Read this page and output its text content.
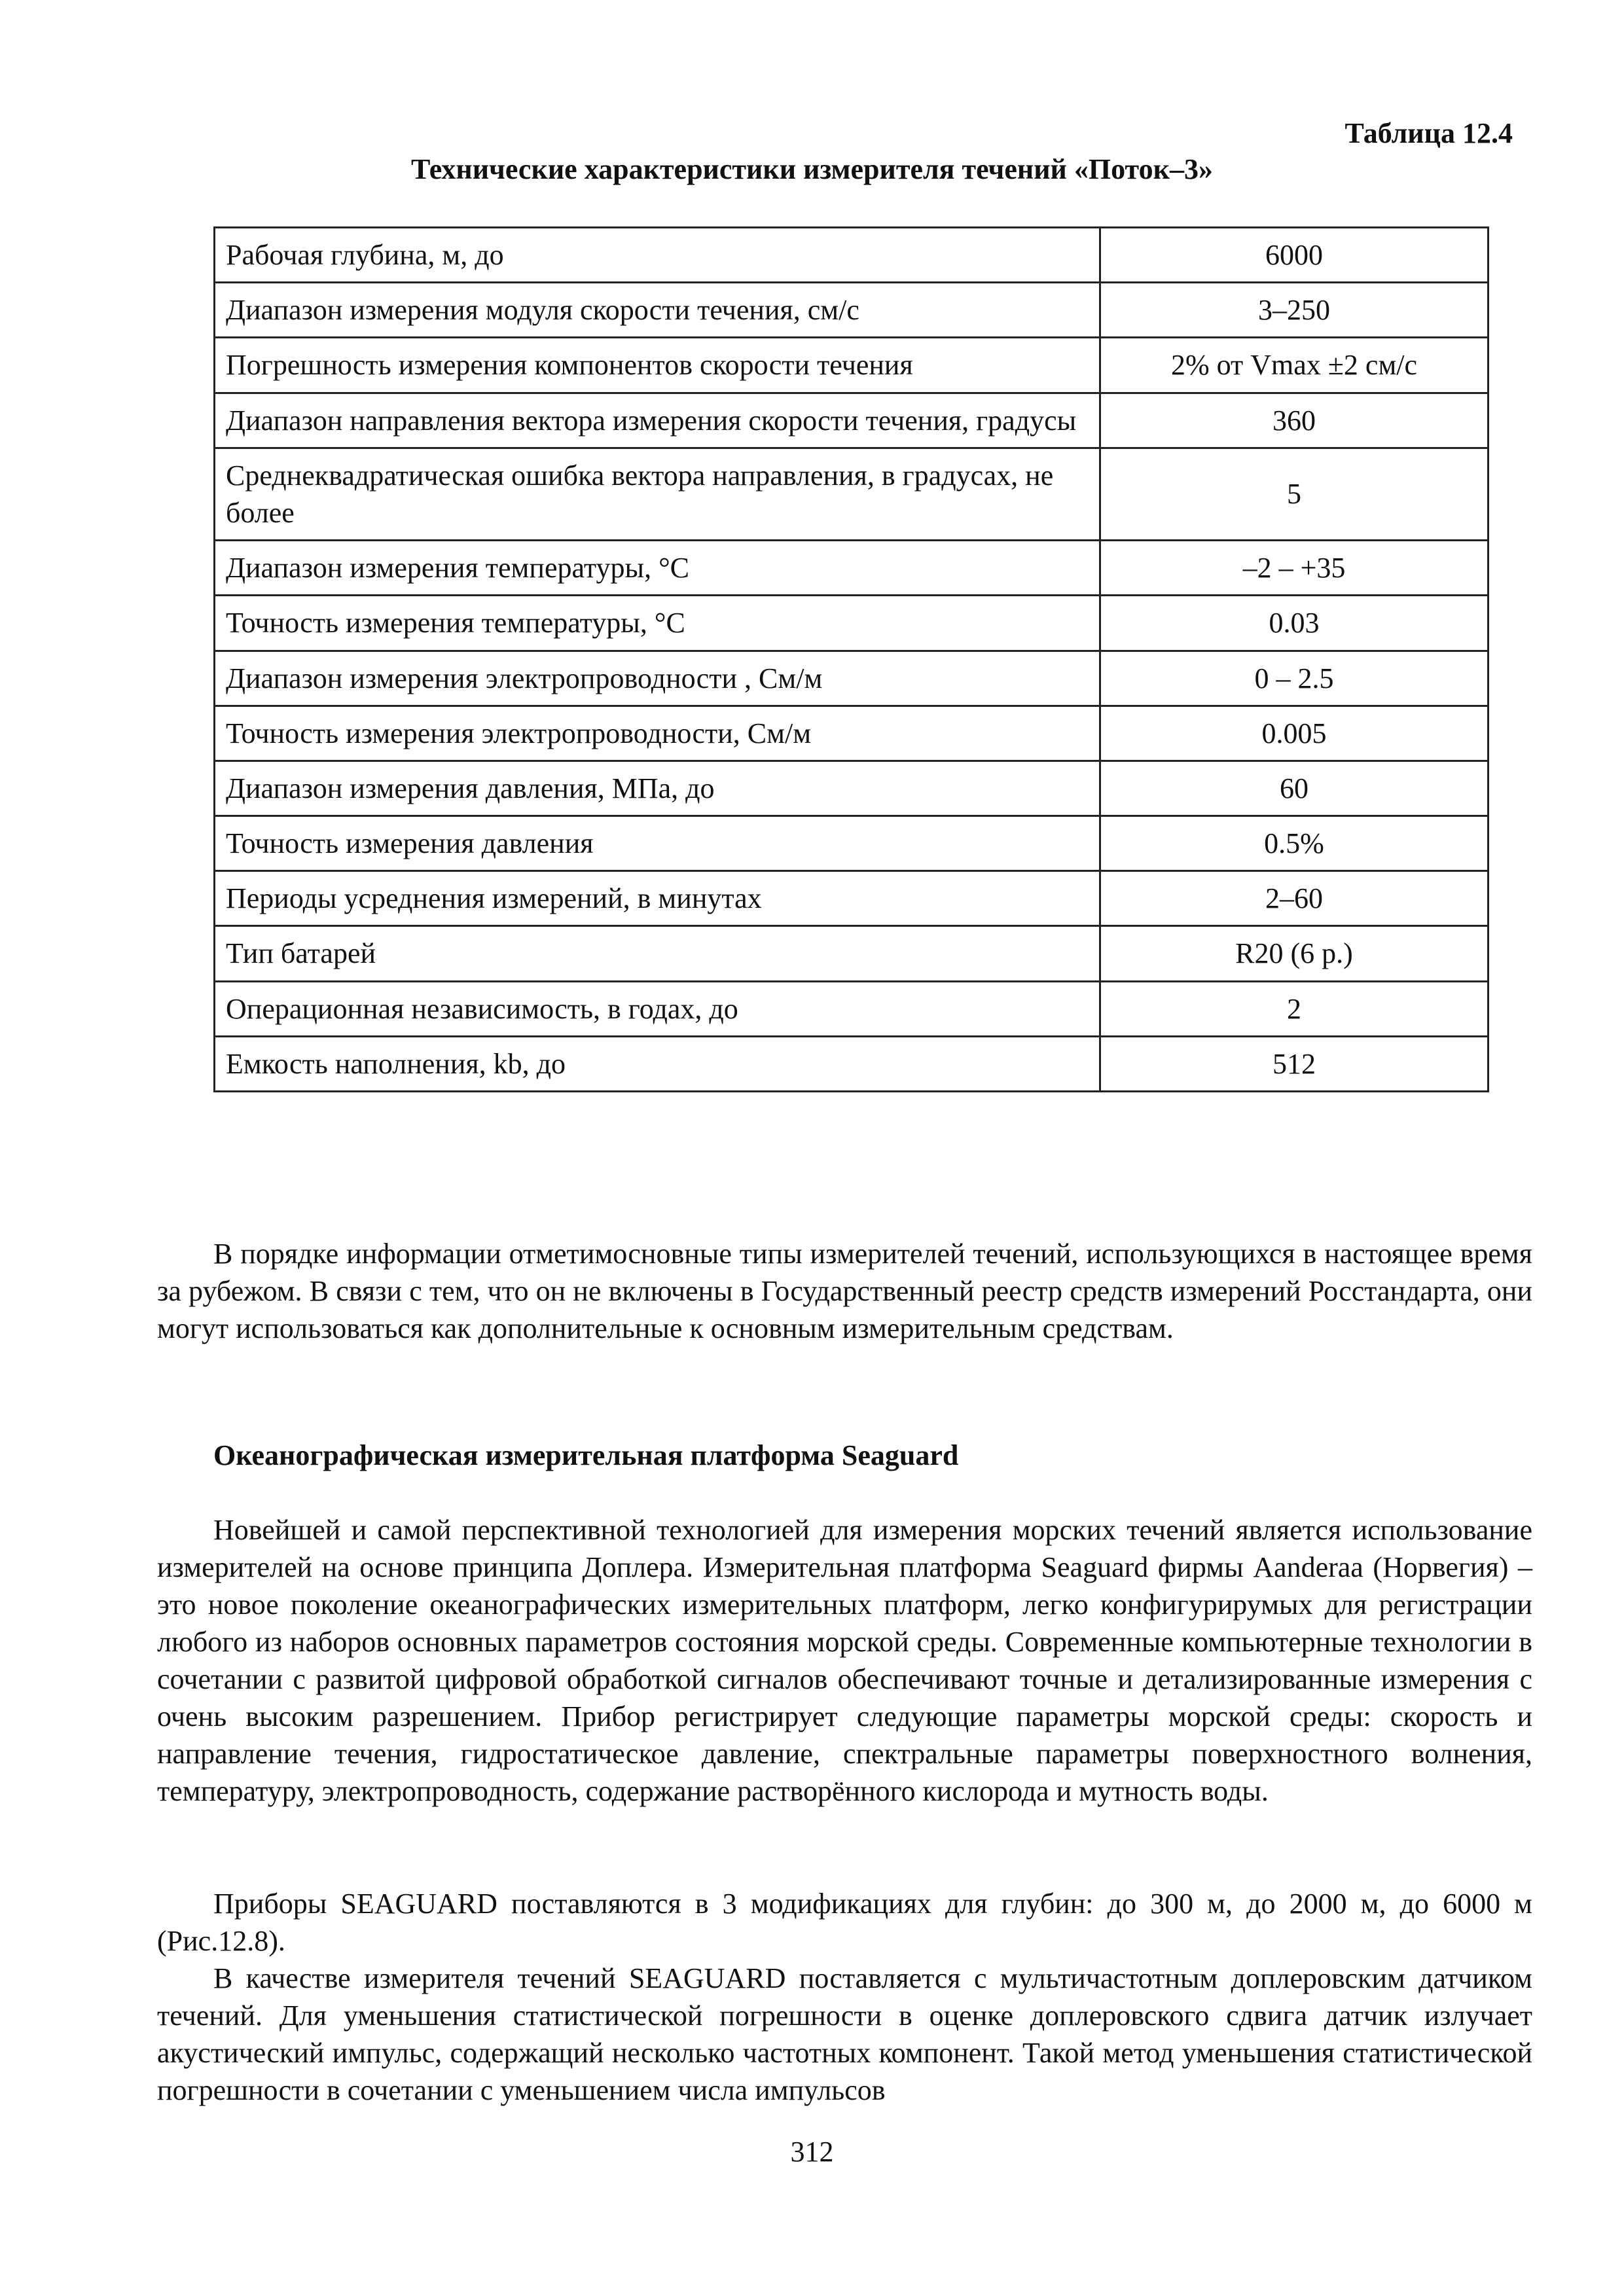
Таблица 12.4

Технические характеристики измерителя течений «Поток–3»

Рабочая глубина, м, до	6000
Диапазон измерения модуля скорости течения, см/с	3–250
Погрешность измерения компонентов скорости течения	2% от Vmax ±2 см/с
Диапазон направления вектора измерения скорости течения, градусы	360
Среднеквадратическая ошибка вектора направления, в градусах, не более	5
Диапазон измерения температуры, °С	–2 – +35
Точность измерения температуры, °С	0.03
Диапазон измерения электропроводности , См/м	0 – 2.5
Точность измерения электропроводности, См/м	0.005
Диапазон измерения давления, МПа, до	60
Точность измерения давления	0.5%
Периоды усреднения измерений, в минутах	2–60
Тип батарей	R20 (6 р.)
Операционная независимость, в годах, до	2
Емкость наполнения, kb, до	512

В порядке информации отметимосновные типы измерителей течений, использующихся в настоящее время за рубежом. В связи с тем, что он не включены в Государственный реестр средств измерений Росстандарта, они могут использоваться как дополнительные к основным измерительным средствам.

Океанографическая измерительная платформа Seaguard

Новейшей и самой перспективной технологией для измерения морских течений является использование измерителей на основе принципа Доплера. Измерительная платформа Seaguard фирмы Aanderaa (Норвегия) – это новое поколение океанографических измерительных платформ, легко конфигурирумых для регистрации любого из наборов основных параметров состояния морской среды. Современные компьютерные технологии в сочетании с развитой цифровой обработкой сигналов обеспечивают точные и детализированные измерения с очень высоким разрешением. Прибор регистрирует следующие параметры морской среды: скорость и направление течения, гидростатическое давление, спектральные параметры поверхностного волнения, температуру, электропроводность, содержание растворённого кислорода и мутность воды.

Приборы SEAGUARD поставляются в 3 модификациях для глубин: до 300 м, до 2000 м, до 6000 м (Рис.12.8).

В качестве измерителя течений SEAGUARD поставляется с мультичастотным доплеровским датчиком течений. Для уменьшения статистической погрешности в оценке доплеровского сдвига датчик излучает акустический импульс, содержащий несколько частотных компонент. Такой метод уменьшения статистической погрешности в сочетании с уменьшением числа импульсов

312
